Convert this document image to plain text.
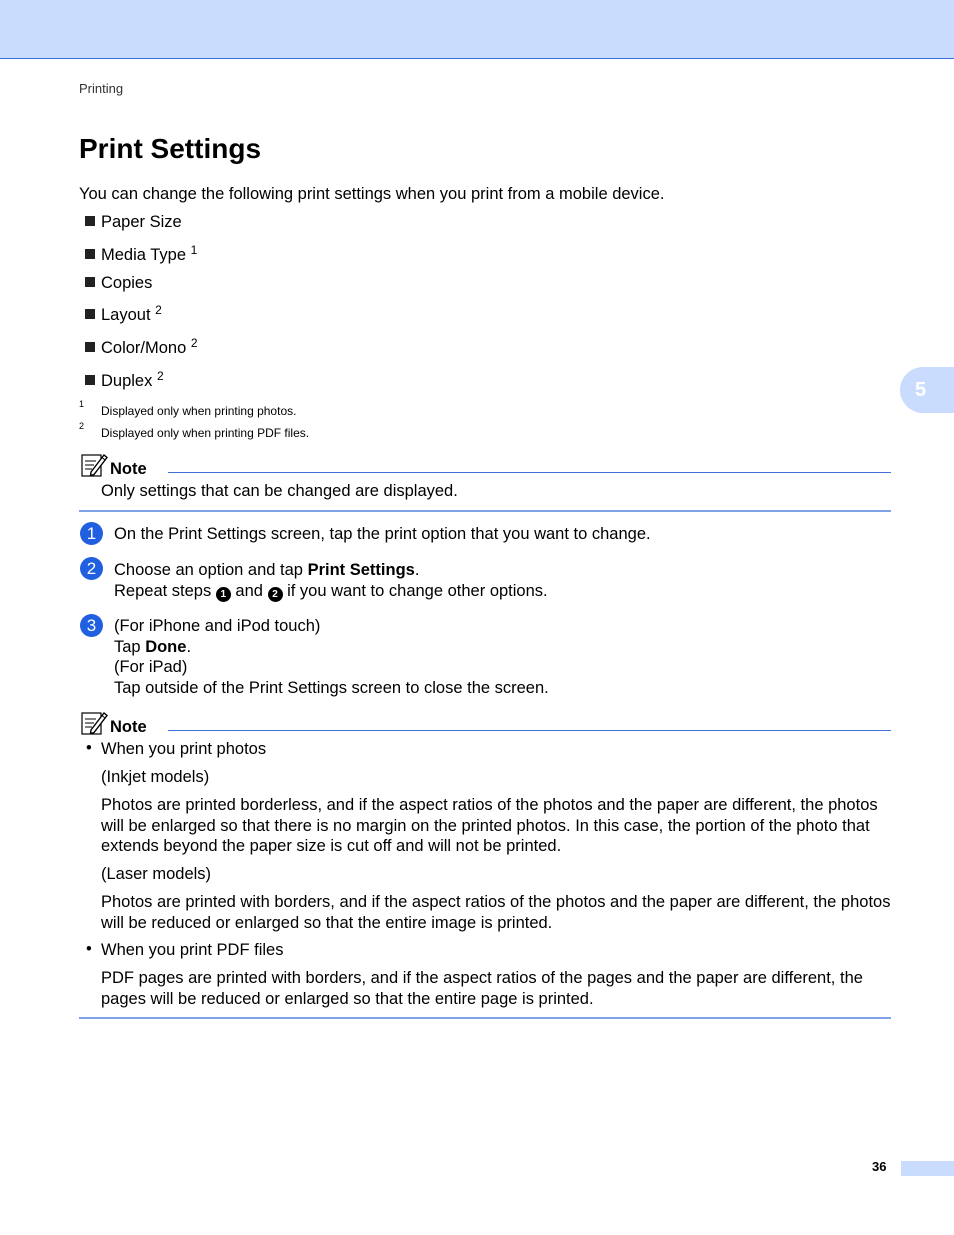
Printing
5
Print Settings
You can change the following print settings when you print from a mobile device.
Paper Size
Media Type $^1$
Copies
Layout $^2$
Color/Mono $^2$
Duplex $^2$
1 Displayed only when printing photos.
2 Displayed only when printing PDF files.
Note
Only settings that can be changed are displayed.
1	On the Print Settings screen, tap the print option that you want to change.
2	Choose an option and tap Print Settings.
Repeat steps 1 and 2 if you want to change other options.
3	(For iPhone and iPod touch)
Tap Done.
(For iPad)
Tap outside of the Print Settings screen to close the screen.
Note
• When you print photos
(Inkjet models)
Photos are printed borderless, and if the aspect ratios of the photos and the paper are different, the photos will be enlarged so that there is no margin on the printed photos. In this case, the portion of the photo that extends beyond the paper size is cut off and will not be printed.
(Laser models)
Photos are printed with borders, and if the aspect ratios of the photos and the paper are different, the photos will be reduced or enlarged so that the entire image is printed.
• When you print PDF files
PDF pages are printed with borders, and if the aspect ratios of the pages and the paper are different, the pages will be reduced or enlarged so that the entire page is printed.
36
